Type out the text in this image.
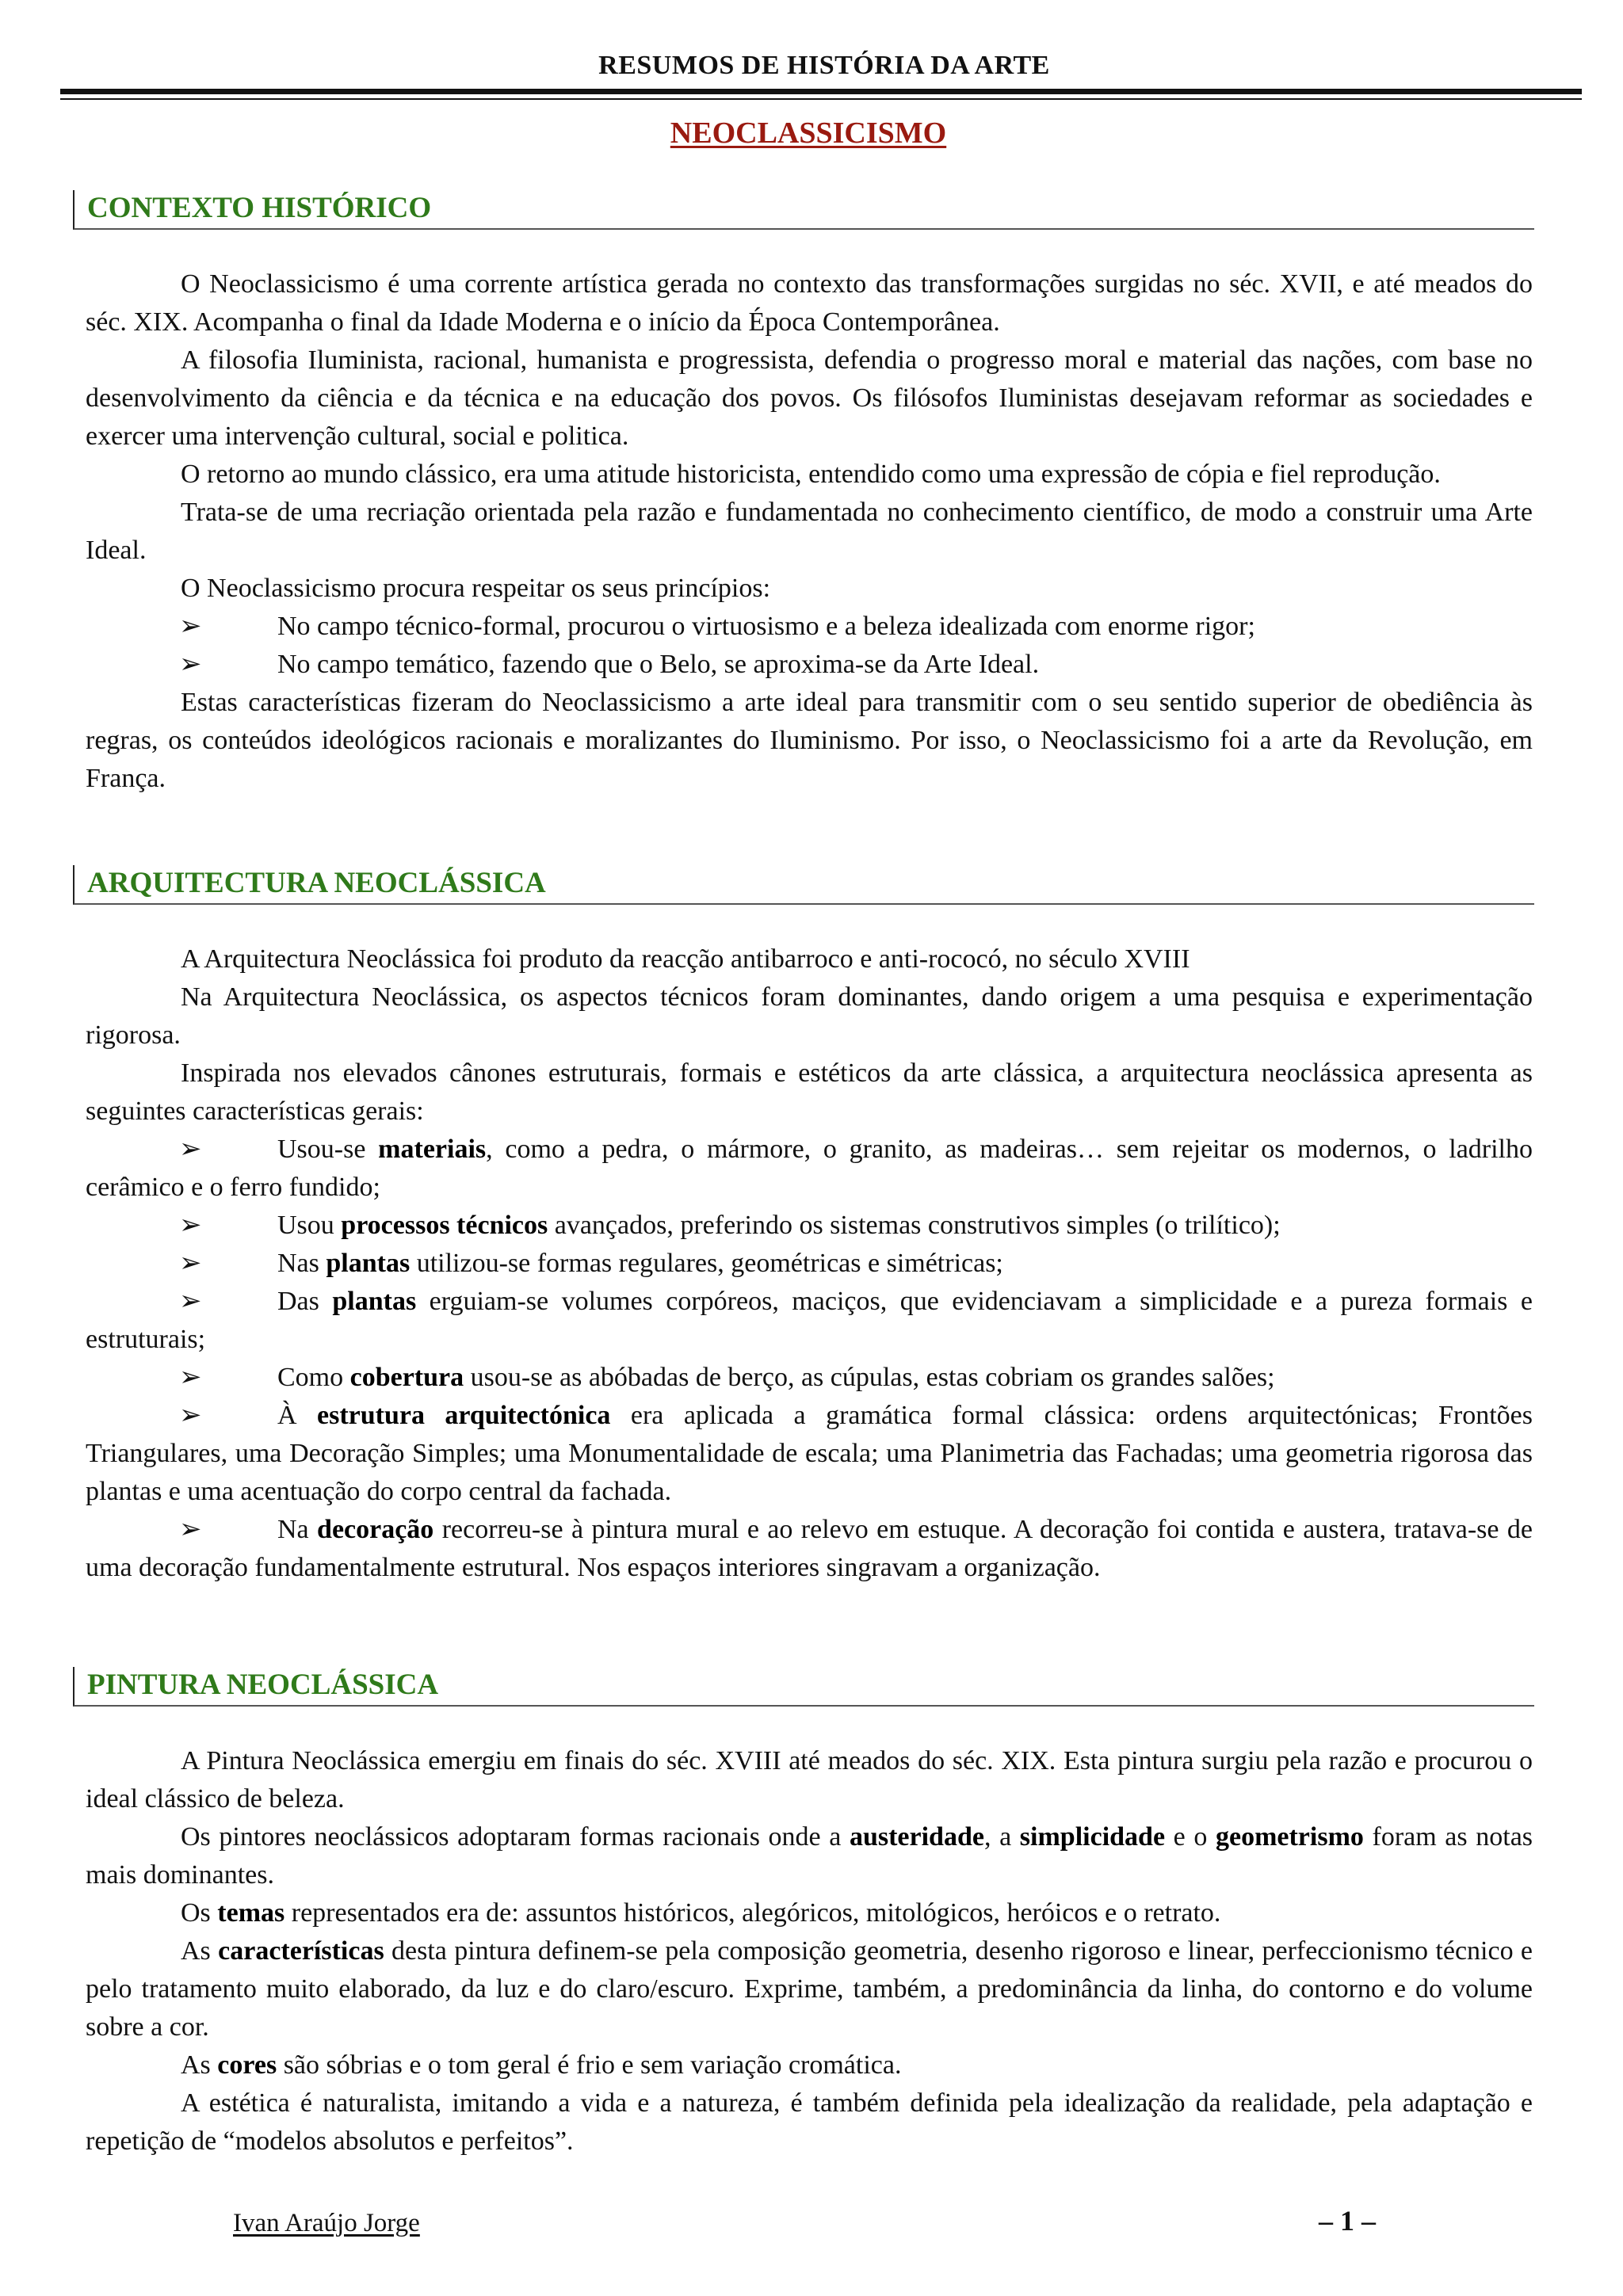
RESUMOS DE HISTÓRIA DA ARTE
NEOCLASSICISMO
CONTEXTO HISTÓRICO

O Neoclassicismo é uma corrente artística gerada no contexto das transformações surgidas no séc. XVII, e até meados do séc. XIX. Acompanha o final da Idade Moderna e o início da Época Contemporânea.

A filosofia Iluminista, racional, humanista e progressista, defendia o progresso moral e material das nações, com base no desenvolvimento da ciência e da técnica e na educação dos povos. Os filósofos Iluministas desejavam reformar as sociedades e exercer uma intervenção cultural, social e politica.

O retorno ao mundo clássico, era uma atitude historicista, entendido como uma expressão de cópia e fiel reprodução.

Trata-se de uma recriação orientada pela razão e fundamentada no conhecimento científico, de modo a construir uma Arte Ideal.

O Neoclassicismo procura respeitar os seus princípios:

➢	No campo técnico-formal, procurou o virtuosismo e a beleza idealizada com enorme rigor;

➢	No campo temático, fazendo que o Belo, se aproxima-se da Arte Ideal.

Estas características fizeram do Neoclassicismo a arte ideal para transmitir com o seu sentido superior de obediência às regras, os conteúdos ideológicos racionais e moralizantes do Iluminismo. Por isso, o Neoclassicismo foi a arte da Revolução, em França.

ARQUITECTURA NEOCLÁSSICA

A Arquitectura Neoclássica foi produto da reacção antibarroco e anti-rococó, no século XVIII

Na Arquitectura Neoclássica, os aspectos técnicos foram dominantes, dando origem a uma pesquisa e experimentação rigorosa.

Inspirada nos elevados cânones estruturais, formais e estéticos da arte clássica, a arquitectura neoclássica apresenta as seguintes características gerais:

➢	Usou-se materiais, como a pedra, o mármore, o granito, as madeiras… sem rejeitar os modernos, o ladrilho cerâmico e o ferro fundido;

➢	Usou processos técnicos avançados, preferindo os sistemas construtivos simples (o trilítico);

➢	Nas plantas utilizou-se formas regulares, geométricas e simétricas;

➢	Das plantas erguiam-se volumes corpóreos, maciços, que evidenciavam a simplicidade e a pureza formais e estruturais;

➢	Como cobertura usou-se as abóbadas de berço, as cúpulas, estas cobriam os grandes salões;

➢	À estrutura arquitectónica era aplicada a gramática formal clássica: ordens arquitectónicas; Frontões Triangulares, uma Decoração Simples; uma Monumentalidade de escala; uma Planimetria das Fachadas; uma geometria rigorosa das plantas e uma acentuação do corpo central da fachada.

➢	Na decoração recorreu-se à pintura mural e ao relevo em estuque. A decoração foi contida e austera, tratava-se de uma decoração fundamentalmente estrutural. Nos espaços interiores singravam a organização.

PINTURA NEOCLÁSSICA

A Pintura Neoclássica emergiu em finais do séc. XVIII até meados do séc. XIX. Esta pintura surgiu pela razão e procurou o ideal clássico de beleza.

Os pintores neoclássicos adoptaram formas racionais onde a austeridade, a simplicidade e o geometrismo foram as notas mais dominantes.

Os temas representados era de: assuntos históricos, alegóricos, mitológicos, heróicos e o retrato.

As características desta pintura definem-se pela composição geometria, desenho rigoroso e linear, perfeccionismo técnico e pelo tratamento muito elaborado, da luz e do claro/escuro. Exprime, também, a predominância da linha, do contorno e do volume sobre a cor.

As cores são sóbrias e o tom geral é frio e sem variação cromática.

A estética é naturalista, imitando a vida e a natureza, é também definida pela idealização da realidade, pela adaptação e repetição de “modelos absolutos e perfeitos”.

Ivan Araújo Jorge	– 1 –
